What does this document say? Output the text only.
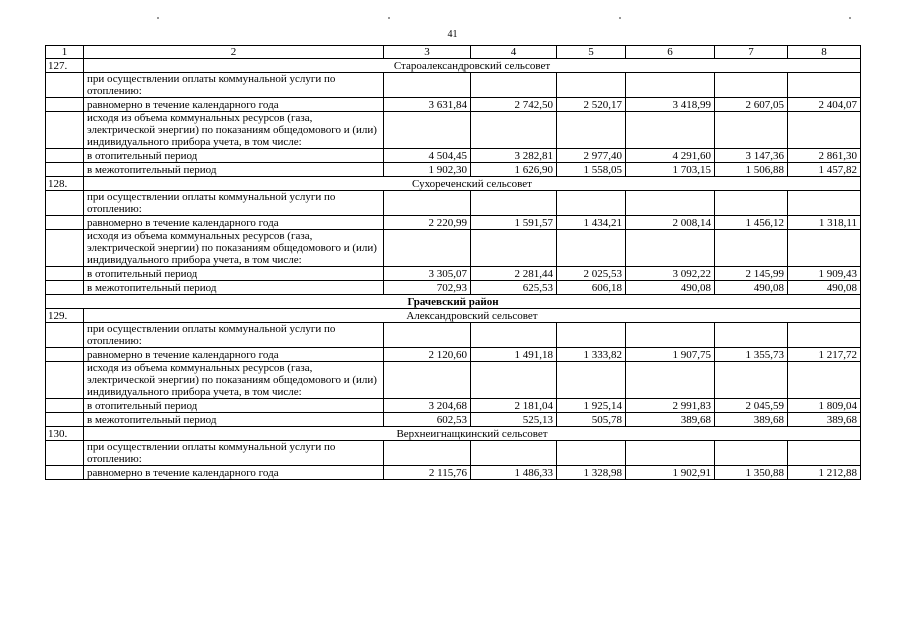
41
1	2	3	4	5	6	7	8
127.	Староалександровский сельсовет						
	при осуществлении оплаты коммунальной услуги по отоплению:						
	равномерно в течение календарного года	3 631,84	2 742,50	2 520,17	3 418,99	2 607,05	2 404,07
	исходя из объема коммунальных ресурсов (газа, электрической энергии) по показаниям общедомового и (или) индивидуального прибора учета, в том числе:						
	в отопительный период	4 504,45	3 282,81	2 977,40	4 291,60	3 147,36	2 861,30
	в межотопительный период	1 902,30	1 626,90	1 558,05	1 703,15	1 506,88	1 457,82
128.	Сухореченский сельсовет						
	при осуществлении оплаты коммунальной услуги по отоплению:						
	равномерно в течение календарного года	2 220,99	1 591,57	1 434,21	2 008,14	1 456,12	1 318,11
	исходя из объема коммунальных ресурсов (газа, электрической энергии) по показаниям общедомового и (или) индивидуального прибора учета, в том числе:						
	в отопительный период	3 305,07	2 281,44	2 025,53	3 092,22	2 145,99	1 909,43
	в межотопительный период	702,93	625,53	606,18	490,08	490,08	490,08
Грачевский район							
129.	Александровский сельсовет						
	при осуществлении оплаты коммунальной услуги по отоплению:						
	равномерно в течение календарного года	2 120,60	1 491,18	1 333,82	1 907,75	1 355,73	1 217,72
	исходя из объема коммунальных ресурсов (газа, электрической энергии) по показаниям общедомового и (или) индивидуального прибора учета, в том числе:						
	в отопительный период	3 204,68	2 181,04	1 925,14	2 991,83	2 045,59	1 809,04
	в межотопительный период	602,53	525,13	505,78	389,68	389,68	389,68
130.	Верхнеигнащкинский сельсовет						
	при осуществлении оплаты коммунальной услуги по отоплению:						
	равномерно в течение календарного года	2 115,76	1 486,33	1 328,98	1 902,91	1 350,88	1 212,88
